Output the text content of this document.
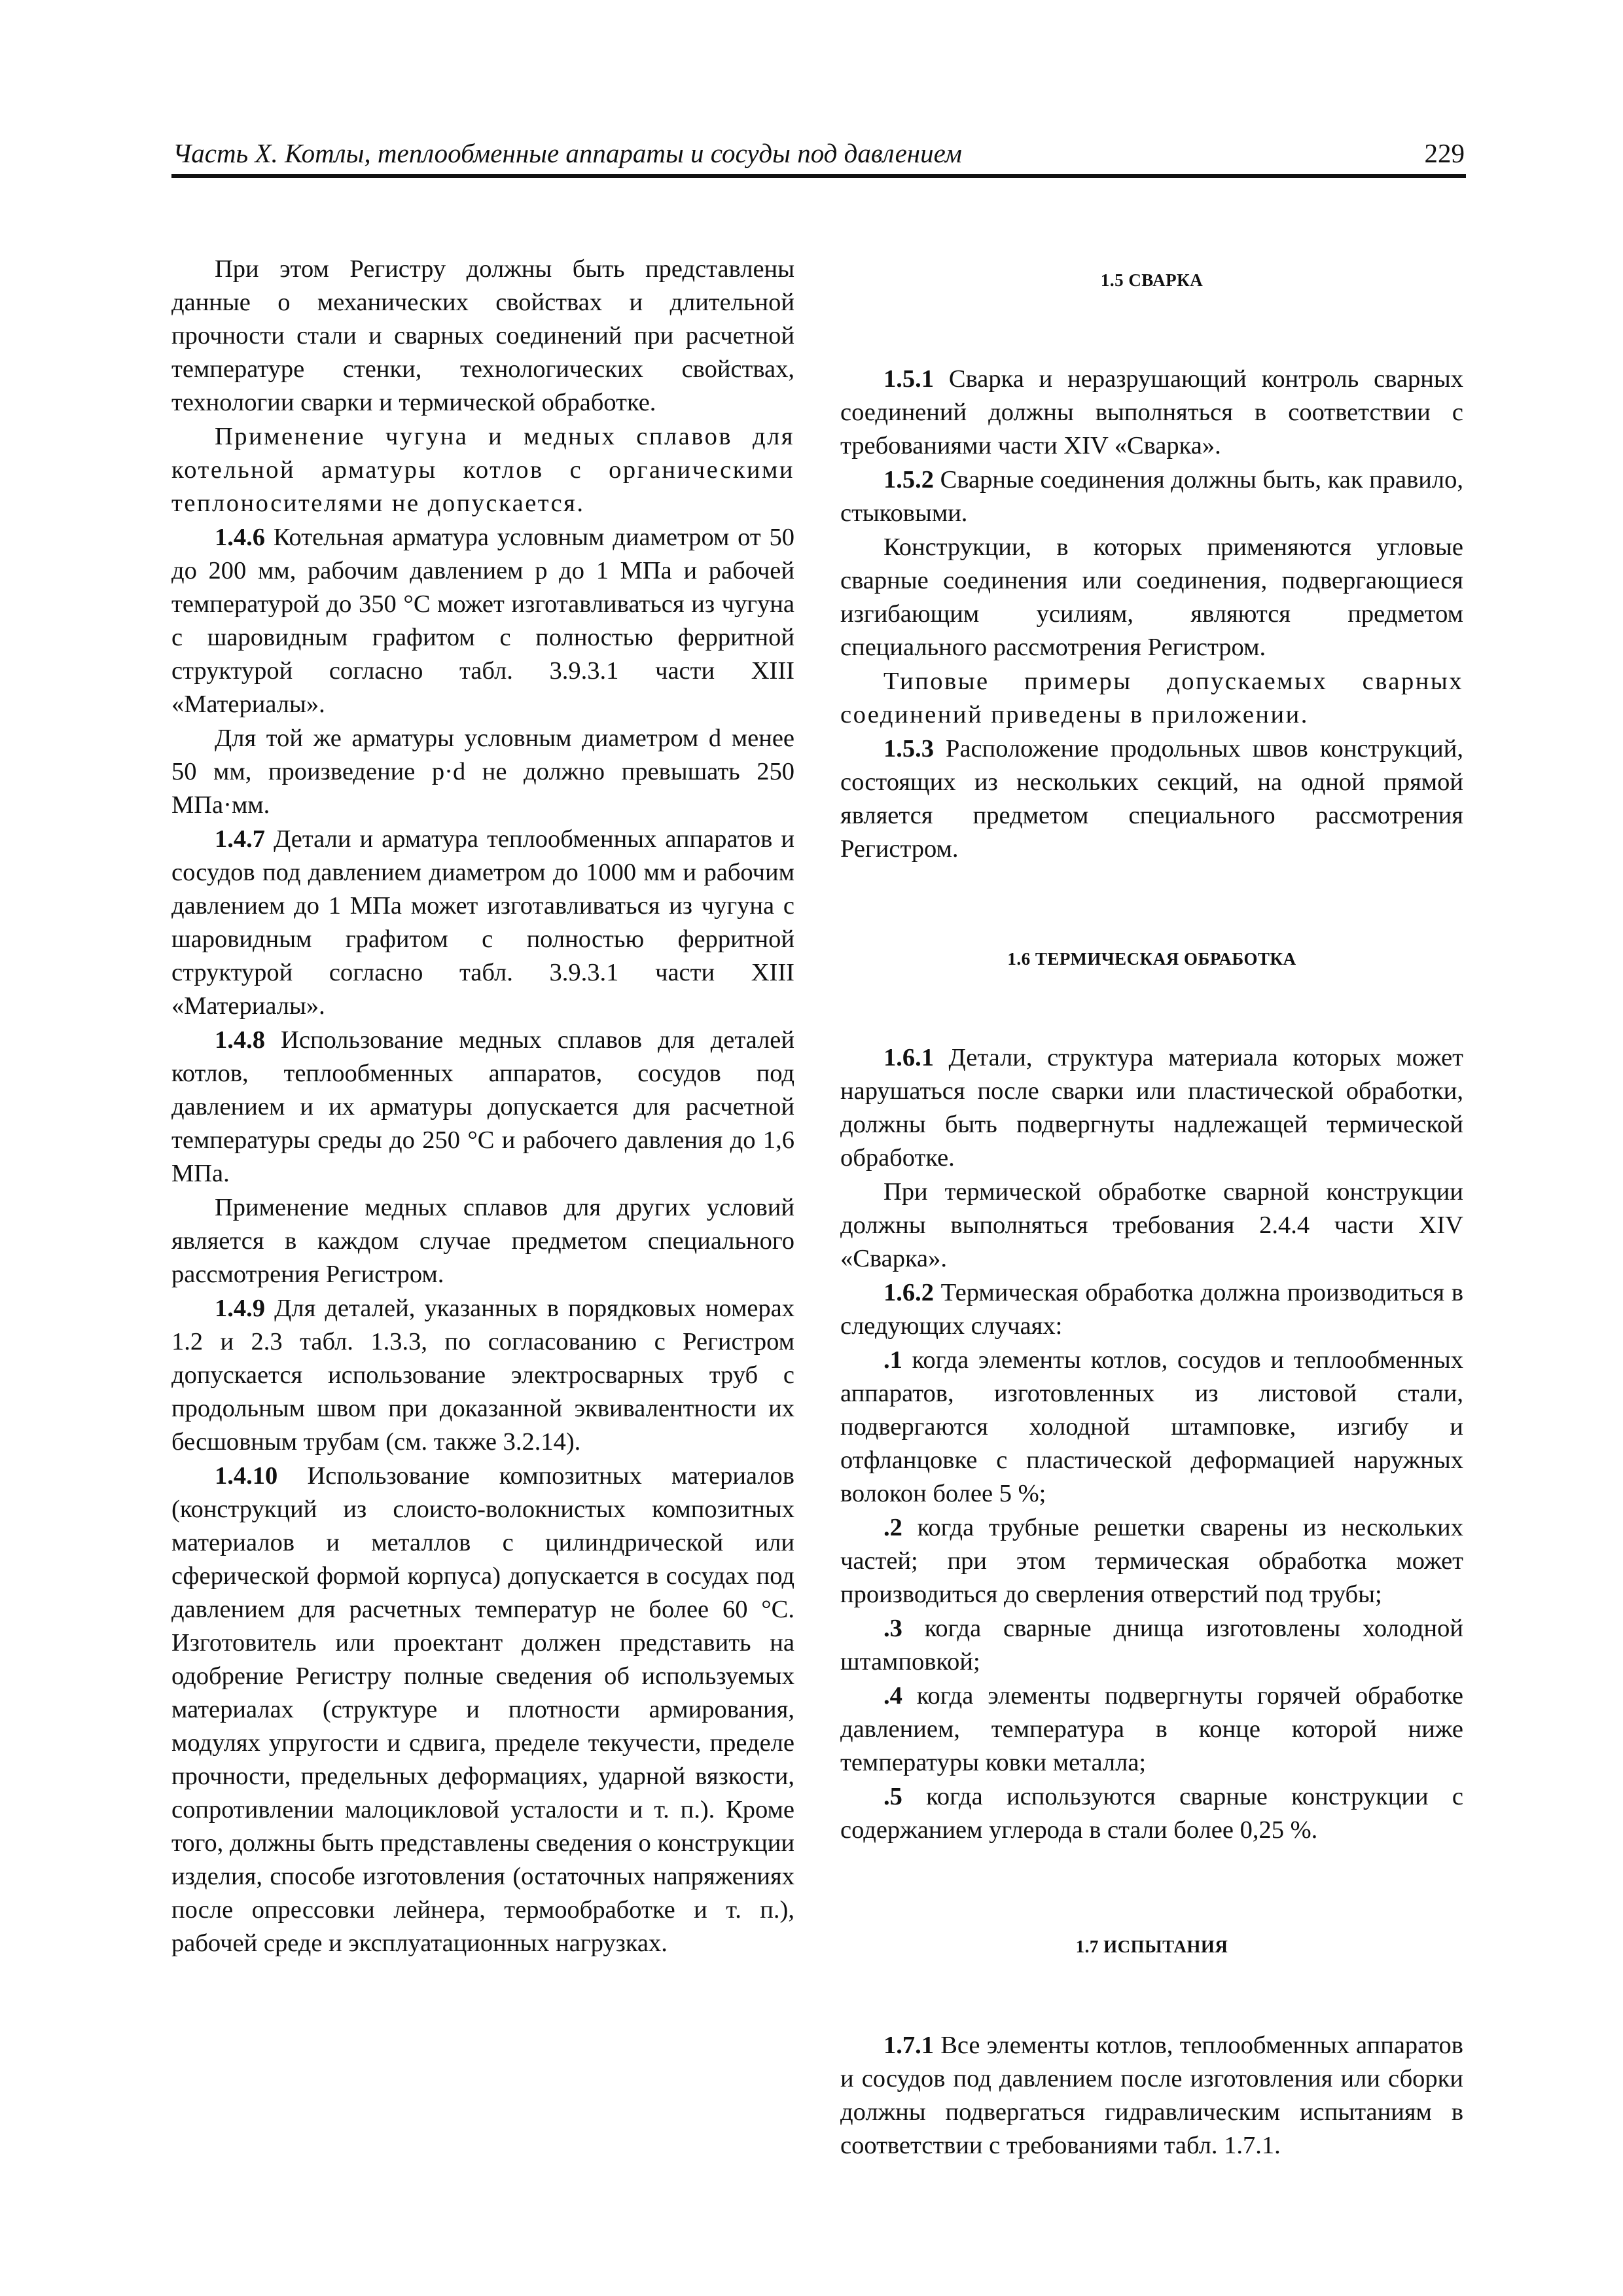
Часть X. Котлы, теплообменные аппараты и сосуды под давлением	229

При этом Регистру должны быть представлены данные о механических свойствах и длительной прочности стали и сварных соединений при расчетной температуре стенки, технологических свойствах, технологии сварки и термической обработке.

Применение чугуна и медных сплавов для котельной арматуры котлов с органическими теплоносителями не допускается.

1.4.6 Котельная арматура условным диаметром от 50 до 200 мм, рабочим давлением p до 1 МПа и рабочей температурой до 350 °С может изготавливаться из чугуна с шаровидным графитом с полностью ферритной структурой согласно табл. 3.9.3.1 части XIII «Материалы».

Для той же арматуры условным диаметром d менее 50 мм, произведение p·d не должно превышать 250 МПа·мм.

1.4.7 Детали и арматура теплообменных аппаратов и сосудов под давлением диаметром до 1000 мм и рабочим давлением до 1 МПа может изготавливаться из чугуна с шаровидным графитом с полностью ферритной структурой согласно табл. 3.9.3.1 части XIII «Материалы».

1.4.8 Использование медных сплавов для деталей котлов, теплообменных аппаратов, сосудов под давлением и их арматуры допускается для расчетной температуры среды до 250 °С и рабочего давления до 1,6 МПа.

Применение медных сплавов для других условий является в каждом случае предметом специального рассмотрения Регистром.

1.4.9 Для деталей, указанных в порядковых номерах 1.2 и 2.3 табл. 1.3.3, по согласованию с Регистром допускается использование электросварных труб с продольным швом при доказанной эквивалентности их бесшовным трубам (см. также 3.2.14).

1.4.10 Использование композитных материалов (конструкций из слоисто-волокнистых композитных материалов и металлов с цилиндрической или сферической формой корпуса) допускается в сосудах под давлением для расчетных температур не более 60 °С. Изготовитель или проектант должен представить на одобрение Регистру полные сведения об используемых материалах (структуре и плотности армирования, модулях упругости и сдвига, пределе текучести, пределе прочности, предельных деформациях, ударной вязкости, сопротивлении малоцикловой усталости и т. п.). Кроме того, должны быть представлены сведения о конструкции изделия, способе изготовления (остаточных напряжениях после опрессовки лейнера, термообработке и т. п.), рабочей среде и эксплуатационных нагрузках.

1.5 СВАРКА

1.5.1 Сварка и неразрушающий контроль сварных соединений должны выполняться в соответствии с требованиями части XIV «Сварка».

1.5.2 Сварные соединения должны быть, как правило, стыковыми.

Конструкции, в которых применяются угловые сварные соединения или соединения, подвергающиеся изгибающим усилиям, являются предметом специального рассмотрения Регистром.

Типовые примеры допускаемых сварных соединений приведены в приложении.

1.5.3 Расположение продольных швов конструкций, состоящих из нескольких секций, на одной прямой является предметом специального рассмотрения Регистром.

1.6 ТЕРМИЧЕСКАЯ ОБРАБОТКА

1.6.1 Детали, структура материала которых может нарушаться после сварки или пластической обработки, должны быть подвергнуты надлежащей термической обработке.

При термической обработке сварной конструкции должны выполняться требования 2.4.4 части XIV «Сварка».

1.6.2 Термическая обработка должна производиться в следующих случаях:

.1 когда элементы котлов, сосудов и теплообменных аппаратов, изготовленных из листовой стали, подвергаются холодной штамповке, изгибу и отфланцовке с пластической деформацией наружных волокон более 5 %;

.2 когда трубные решетки сварены из нескольких частей; при этом термическая обработка может производиться до сверления отверстий под трубы;

.3 когда сварные днища изготовлены холодной штамповкой;

.4 когда элементы подвергнуты горячей обработке давлением, температура в конце которой ниже температуры ковки металла;

.5 когда используются сварные конструкции с содержанием углерода в стали более 0,25 %.

1.7 ИСПЫТАНИЯ

1.7.1 Все элементы котлов, теплообменных аппаратов и сосудов под давлением после изготовления или сборки должны подвергаться гидравлическим испытаниям в соответствии с требованиями табл. 1.7.1.
